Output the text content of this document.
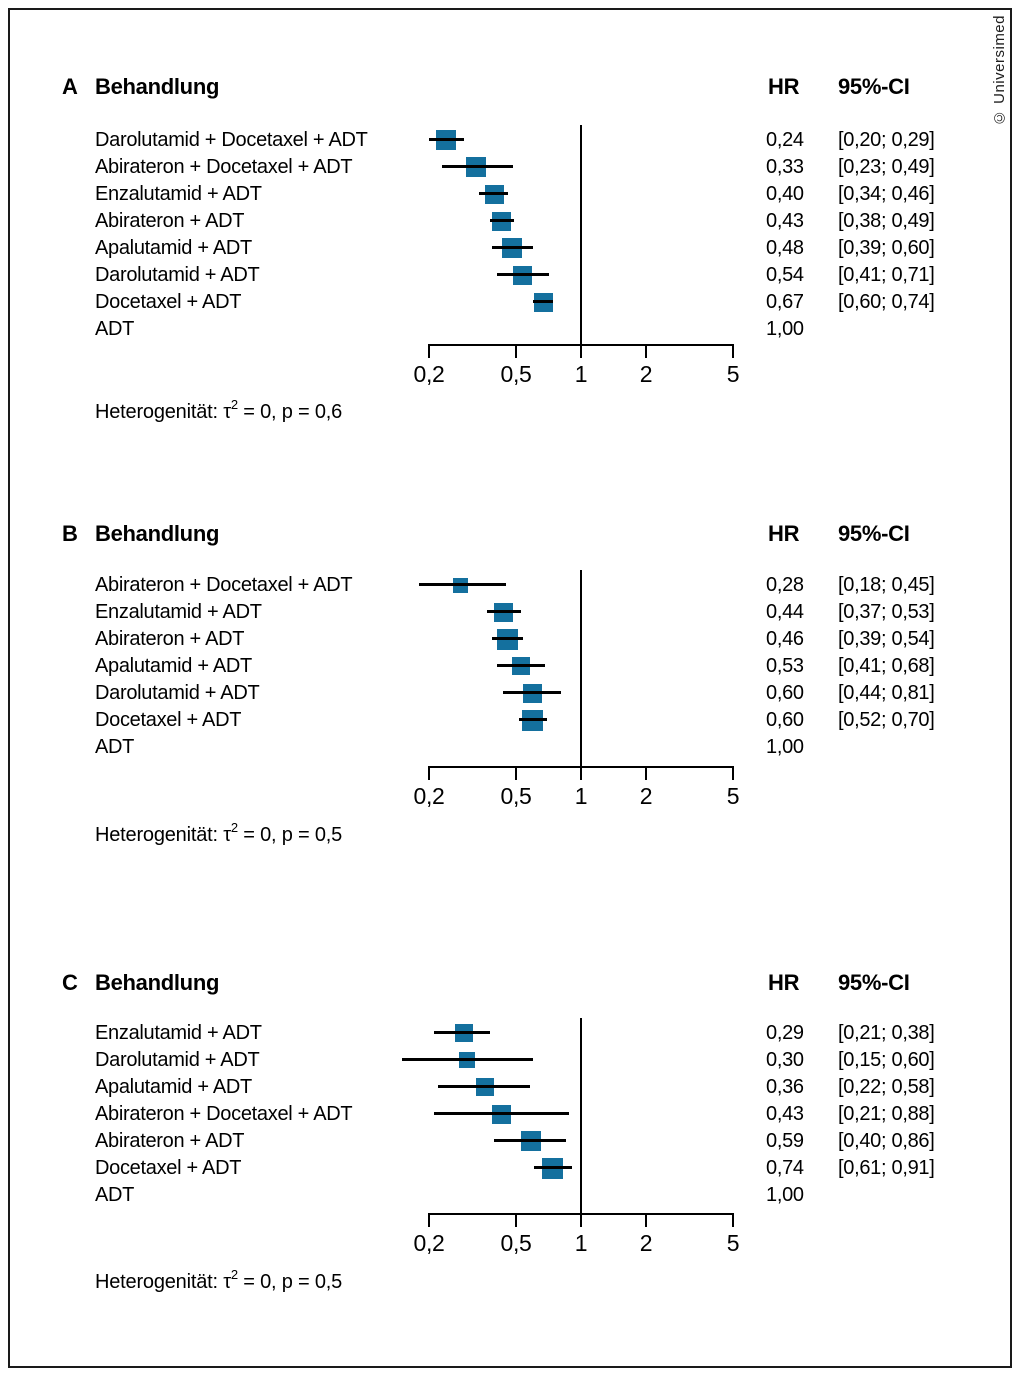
© Universimed
A Behandlung	HR 95%-CI
Heterogenität: $\tau^2 = 0$, p = 0,6
B Behandlung	HR 95%-CI
Heterogenität: $\tau^2 = 0$, p = 0,5
C Behandlung	HR 95%-CI
Heterogenität: $\tau^2 = 0$, p = 0,5
0,2	0,5	1	2	5
Darolutamid + Docetaxel + ADT	0,24 [0,20; 0,29]
Abirateron + Docetaxel + ADT	0,33 [0,23; 0,49]
Enzalutamid + ADT	0,40 [0,34; 0,46]
Abirateron + ADT	0,43 [0,38; 0,49]
Apalutamid + ADT	0,48 [0,39; 0,60]
Darolutamid + ADT	0,54 [0,41; 0,71]
Docetaxel + ADT	0,67 [0,60; 0,74]
ADT	1,00
0,2	0,5	1	2	5
Abirateron + Docetaxel + ADT	0,28 [0,18; 0,45]
Enzalutamid + ADT	0,44 [0,37; 0,53]
Abirateron + ADT	0,46 [0,39; 0,54]
Apalutamid + ADT	0,53 [0,41; 0,68]
Darolutamid + ADT	0,60 [0,44; 0,81]
Docetaxel + ADT	0,60 [0,52; 0,70]
ADT	1,00
0,2	0,5	1	2	5
Enzalutamid + ADT	0,29 [0,21; 0,38]
Darolutamid + ADT	0,30 [0,15; 0,60]
Apalutamid + ADT	0,36 [0,22; 0,58]
Abirateron + Docetaxel + ADT	0,43 [0,21; 0,88]
Abirateron + ADT	0,59 [0,40; 0,86]
Docetaxel + ADT	0,74 [0,61; 0,91]
ADT	1,00
